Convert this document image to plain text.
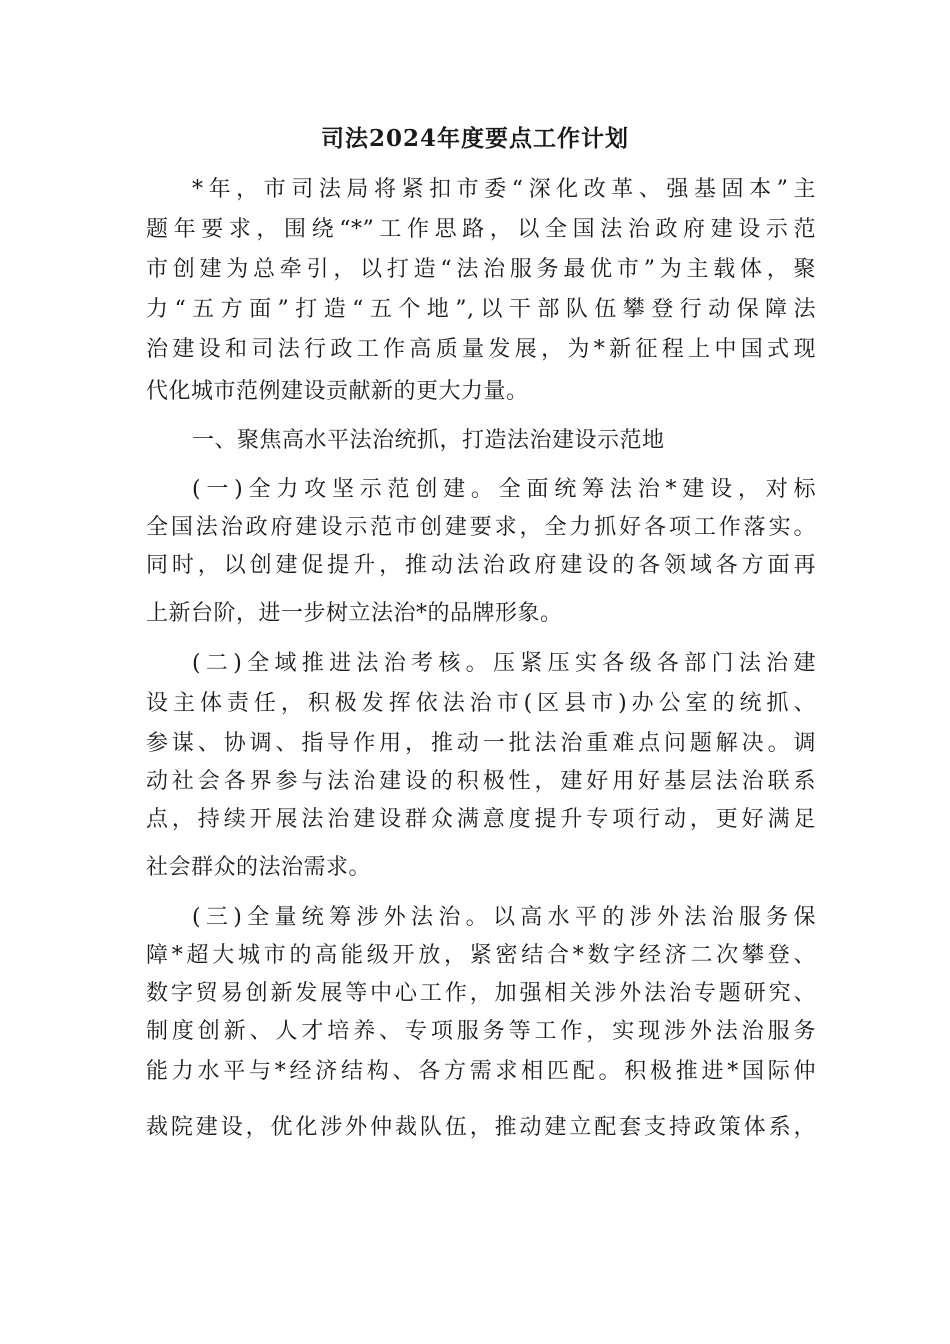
司法2024年度要点工作计划
*年，市司法局将紧扣市委“深化改革、强基固本”主
题年要求，围绕“*”工作思路，以全国法治政府建设示范
市创建为总牵引，以打造“法治服务最优市”为主载体，聚
力“五方面”打造“五个地”,以干部队伍攀登行动保障法
治建设和司法行政工作高质量发展，为*新征程上中国式现
代化城市范例建设贡献新的更大力量。
一、聚焦高水平法治统抓，打造法治建设示范地
(一)全力攻坚示范创建。全面统筹法治*建设，对标
全国法治政府建设示范市创建要求，全力抓好各项工作落实。
同时，以创建促提升，推动法治政府建设的各领域各方面再
上新台阶，进一步树立法治*的品牌形象。
(二)全域推进法治考核。压紧压实各级各部门法治建
设主体责任，积极发挥依法治市(区县市)办公室的统抓、
参谋、协调、指导作用，推动一批法治重难点问题解决。调
动社会各界参与法治建设的积极性，建好用好基层法治联系
点，持续开展法治建设群众满意度提升专项行动，更好满足
社会群众的法治需求。
(三)全量统筹涉外法治。以高水平的涉外法治服务保
障*超大城市的高能级开放，紧密结合*数字经济二次攀登、
数字贸易创新发展等中心工作，加强相关涉外法治专题研究、
制度创新、人才培养、专项服务等工作，实现涉外法治服务
能力水平与*经济结构、各方需求相匹配。积极推进*国际仲
裁院建设，优化涉外仲裁队伍，推动建立配套支持政策体系，
